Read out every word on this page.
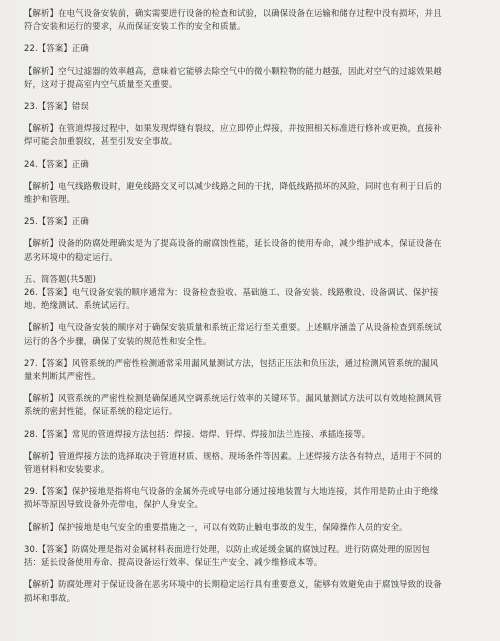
【解析】在电气设备安装前，确实需要进行设备的检查和试验，以确保设备在运输和储存过程中没有损坏，并且

符合安装和运行的要求，从而保证安装工作的安全和质量。

22.【答案】正确

【解析】空气过滤器的效率越高，意味着它能够去除空气中的微小颗粒物的能力越强，因此对空气的过滤效果越

好，这对于提高室内空气质量至关重要。

23.【答案】错误

【解析】在管道焊接过程中，如果发现焊缝有裂纹，应立即停止焊接，并按照相关标准进行修补或更换，直接补

焊可能会加重裂纹，甚至引发安全事故。

24.【答案】正确

【解析】电气线路敷设时，避免线路交叉可以减少线路之间的干扰，降低线路损坏的风险，同时也有利于日后的

维护和管理。

25.【答案】正确

【解析】设备的防腐处理确实是为了提高设备的耐腐蚀性能，延长设备的使用寿命，减少维护成本，保证设备在

恶劣环境中的稳定运行。

五、简答题(共5题)

26.【答案】电气设备安装的顺序通常为：设备检查验收、基础施工、设备安装、线路敷设、设备调试、保护接

地、绝缘测试、系统试运行。

【解析】电气设备安装的顺序对于确保安装质量和系统正常运行至关重要。上述顺序涵盖了从设备检查到系统试

运行的各个步骤，确保了安装的规范性和安全性。

27.【答案】风管系统的严密性检测通常采用漏风量测试方法，包括正压法和负压法，通过检测风管系统的漏风

量来判断其严密性。

【解析】风管系统的严密性检测是确保通风空调系统运行效率的关键环节。漏风量测试方法可以有效地检测风管

系统的密封性能，保证系统的稳定运行。

28.【答案】常见的管道焊接方法包括：焊接、熔焊、钎焊、焊接加法兰连接、承插连接等。

【解析】管道焊接方法的选择取决于管道材质、规格、现场条件等因素。上述焊接方法各有特点，适用于不同的

管道材料和安装要求。

29.【答案】保护接地是指将电气设备的金属外壳或导电部分通过接地装置与大地连接，其作用是防止由于绝缘

损坏等原因导致设备外壳带电，保护人身安全。

【解析】保护接地是电气安全的重要措施之一，可以有效防止触电事故的发生，保障操作人员的安全。

30.【答案】防腐处理是指对金属材料表面进行处理，以防止或延缓金属的腐蚀过程。进行防腐处理的原因包

括：延长设备使用寿命、提高设备运行效率、保证生产安全、减少维修成本等。

【解析】防腐处理对于保证设备在恶劣环境中的长期稳定运行具有重要意义，能够有效避免由于腐蚀导致的设备

损坏和事故。
